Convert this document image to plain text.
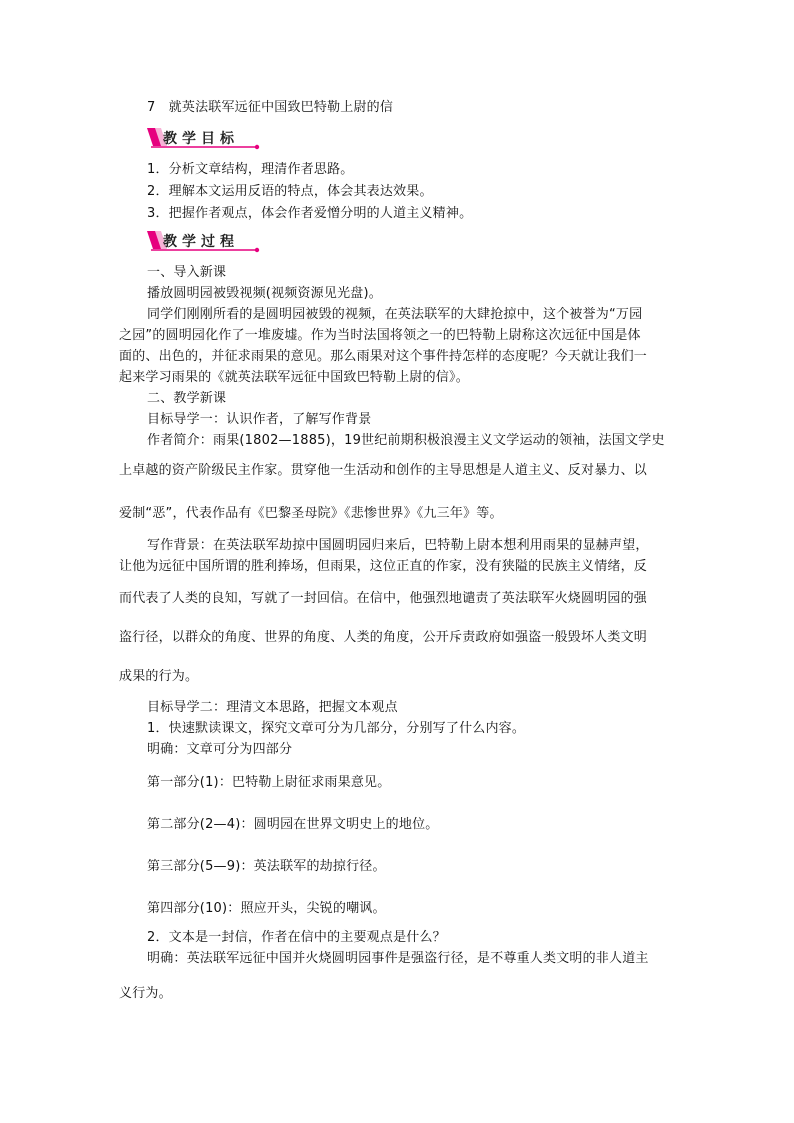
7　就英法联军远征中国致巴特勒上尉的信
教学目标
1．分析文章结构，理清作者思路。
2．理解本文运用反语的特点，体会其表达效果。
3．把握作者观点，体会作者爱憎分明的人道主义精神。
教学过程
一、导入新课
播放圆明园被毁视频(视频资源见光盘)。
同学们刚刚所看的是圆明园被毁的视频，在英法联军的大肆抢掠中，这个被誉为“万园
之园”的圆明园化作了一堆废墟。作为当时法国将领之一的巴特勒上尉称这次远征中国是体
面的、出色的，并征求雨果的意见。那么雨果对这个事件持怎样的态度呢？今天就让我们一
起来学习雨果的《就英法联军远征中国致巴特勒上尉的信》。
二、教学新课
目标导学一：认识作者，了解写作背景
作者简介：雨果(1802—1885)，19世纪前期积极浪漫主义文学运动的领袖，法国文学史
上卓越的资产阶级民主作家。贯穿他一生活动和创作的主导思想是人道主义、反对暴力、以
爱制“恶”，代表作品有《巴黎圣母院》《悲惨世界》《九三年》等。
写作背景：在英法联军劫掠中国圆明园归来后，巴特勒上尉本想利用雨果的显赫声望，
让他为远征中国所谓的胜利捧场，但雨果，这位正直的作家，没有狭隘的民族主义情绪，反
而代表了人类的良知，写就了一封回信。在信中，他强烈地谴责了英法联军火烧圆明园的强
盗行径，以群众的角度、世界的角度、人类的角度，公开斥责政府如强盗一般毁坏人类文明
成果的行为。
目标导学二：理清文本思路，把握文本观点
1．快速默读课文，探究文章可分为几部分，分别写了什么内容。
明确：文章可分为四部分
第一部分(1)：巴特勒上尉征求雨果意见。
第二部分(2—4)：圆明园在世界文明史上的地位。
第三部分(5—9)：英法联军的劫掠行径。
第四部分(10)：照应开头，尖锐的嘲讽。
2．文本是一封信，作者在信中的主要观点是什么？
明确：英法联军远征中国并火烧圆明园事件是强盗行径，是不尊重人类文明的非人道主
义行为。
